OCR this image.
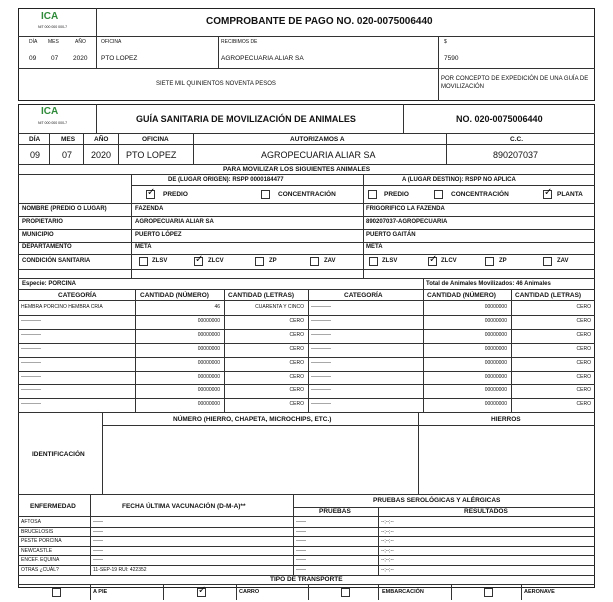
ICA
NIT 000 000 000-7	COMPROBANTE DE PAGO NO. 020-0075006440
DÍA MES	AÑO	OFICINA	RECIBIMOS DE	$
09 07 2020 PTO LOPEZ	AGROPECUARIA ALIAR SA	7590
SIETE MIL QUINIENTOS NOVENTA PESOS
POR CONCEPTO DE EXPEDICIÓN DE UNA GUÍA DE MOVILIZACIÓN
ICA
NIT 000 000 000-7	GUÍA SANITARIA DE MOVILIZACIÓN DE ANIMALES	NO. 020-0075006440
DÍA	MES	AÑO	OFICINA	AUTORIZAMOS A	C.C.
09 07 2020 PTO LOPEZ	AGROPECUARIA ALIAR SA	890207037
PARA MOVILIZAR LOS SIGUIENTES ANIMALES
DE (LUGAR ORIGEN): RSPP 0000184477	A (LUGAR DESTINO): RSPP NO APLICA
✓
PREDIO	CONCENTRACIÓN	PREDIO	CONCENTRACIÓN ✓	PLANTA
NOMBRE (PREDIO O LUGAR)	FAZENDA	FRIGORIFICO LA FAZENDA
PROPIETARIO	AGROPECUARIA ALIAR SA	890207037-AGROPECUARIA
MUNICIPIO	PUERTO LÓPEZ	PUERTO GAITÁN
DEPARTAMENTO	META	META
CONDICIÓN SANITARIA	ZLSV ✓	ZLCV	ZP	ZAV	ZLSV ✓	ZLCV	ZP	ZAV
Especie: PORCINA	Total de Animales Movilizados: 46 Animales
CATEGORÍA	CANTIDAD (NÚMERO)	CANTIDAD (LETRAS)	CATEGORÍA	CANTIDAD (NÚMERO)	CANTIDAD (LETRAS)
HEMBRA PORCINO HEMBRA CRIA	46	CUARENTA Y CINCO ————	00000000	CERO
————	00000000	CERO ————	00000000	CERO
————	00000000	CERO ————	00000000	CERO
————	00000000	CERO ————	00000000	CERO
————	00000000	CERO ————	00000000	CERO
————	00000000	CERO ————	00000000	CERO
————	00000000	CERO ————	00000000	CERO
————	00000000	CERO ————	00000000	CERO
IDENTIFICACIÓN
NÚMERO (HIERRO, CHAPETA, MICROCHIPS, ETC.)	HIERROS
ENFERMEDAD	FECHA ÚLTIMA VACUNACIÓN (D-M-A)**
PRUEBAS SEROLÓGICAS Y ALÉRGICAS
PRUEBAS	RESULTADOS
AFTOSA	——	——	--;--;--
BRUCELOSIS	——	——	--;--;--
PESTE PORCINA	——	——	--;--;--
NEWCASTLE	——	——	--;--;--
ENCEF. EQUINA	——	——	--;--;--
OTRAS ¿CUÁL?	11-SEP-19 RUI: 422352	——	--;--;--
TIPO DE TRANSPORTE
A PIE ✓	CARRO	EMBARCACIÓN	AERONAVE
